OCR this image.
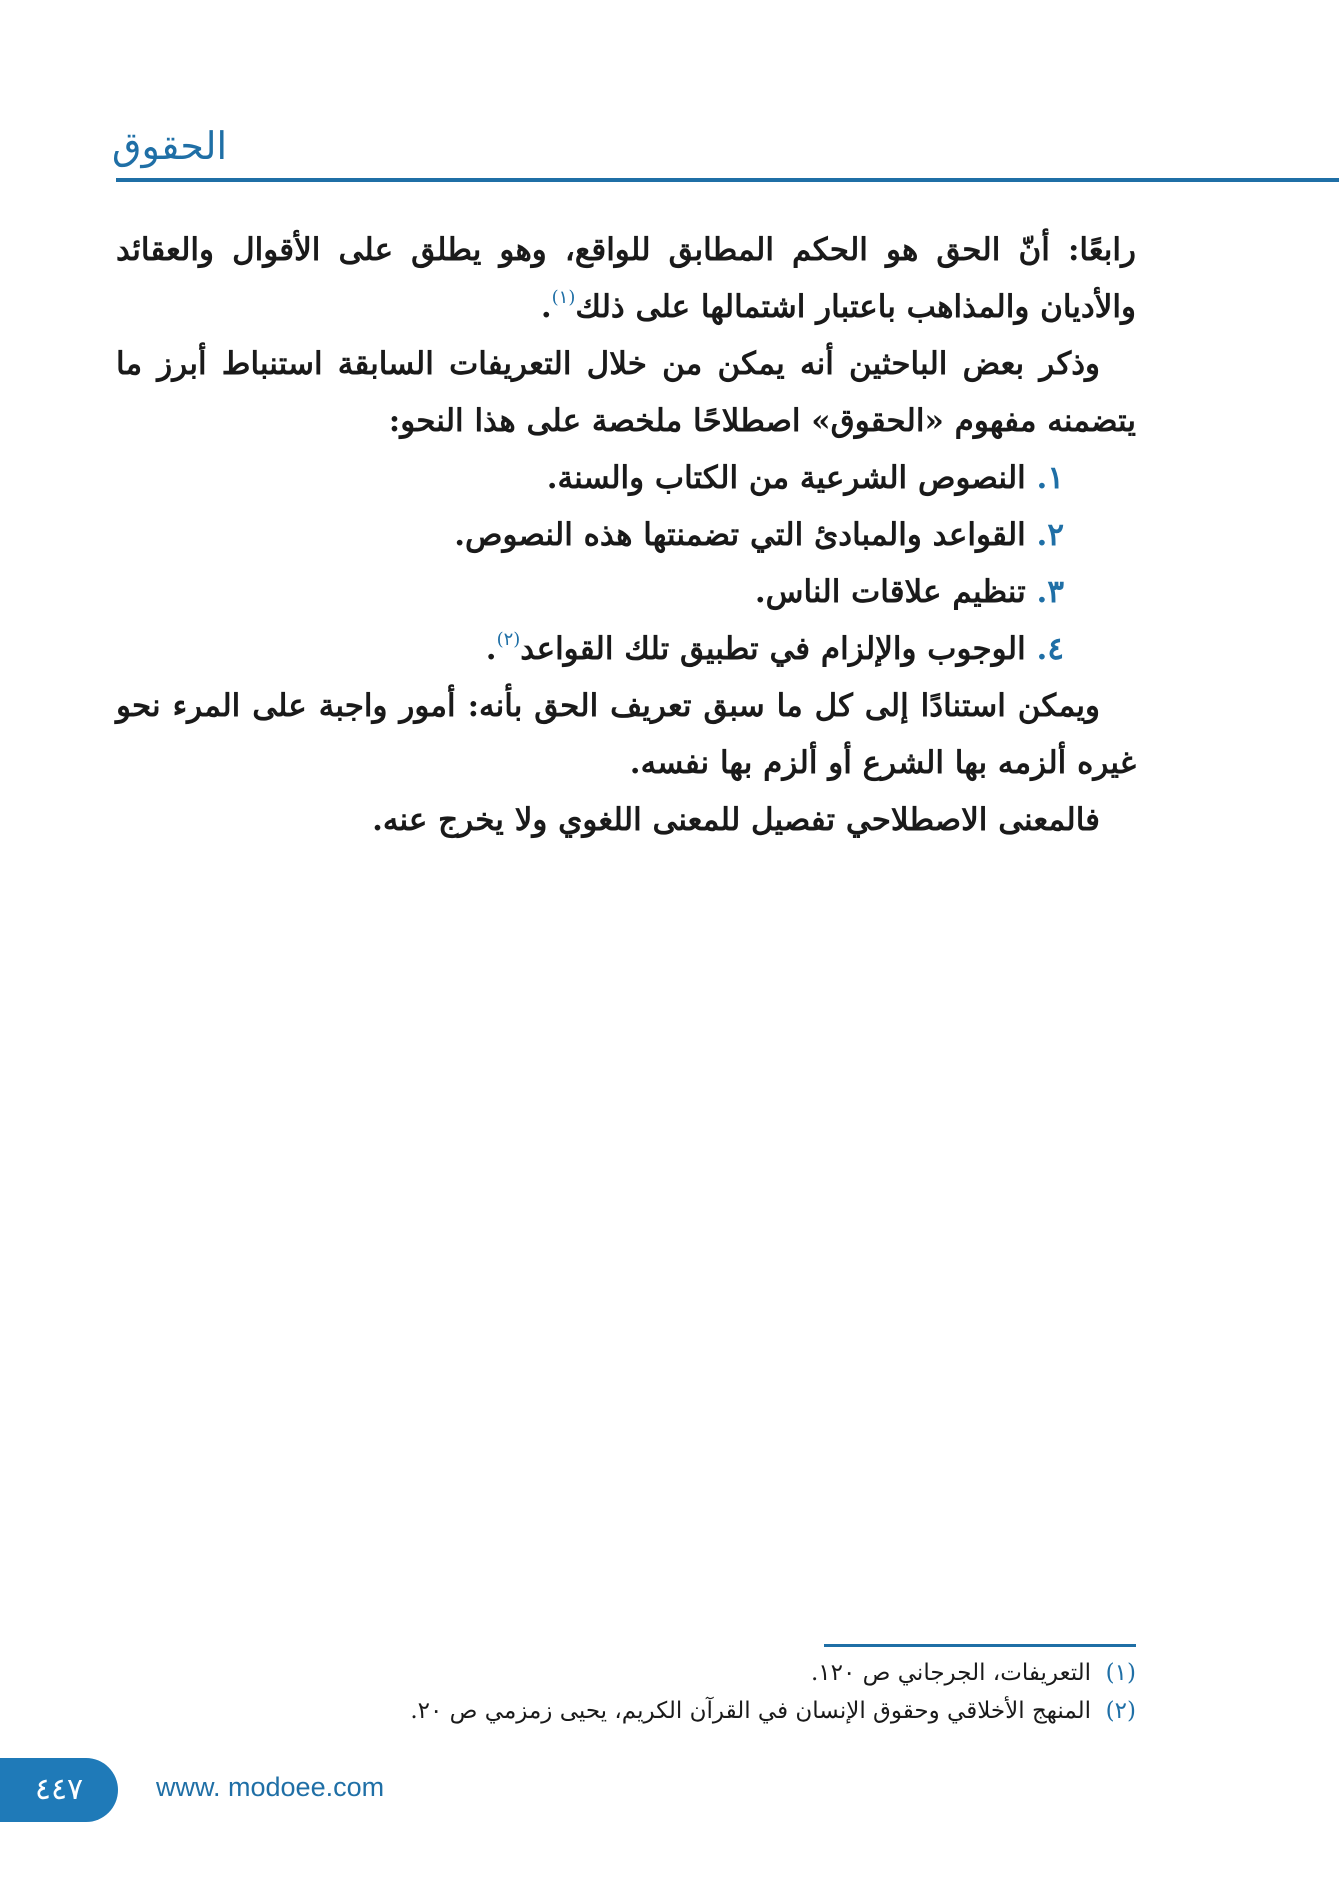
الحقوق

رابعًا: أنّ الحق هو الحكم المطابق للواقع، وهو يطلق على الأقوال والعقائد والأديان والمذاهب باعتبار اشتمالها على ذلك$^{(١)}$.

وذكر بعض الباحثين أنه يمكن من خلال التعريفات السابقة استنباط أبرز ما يتضمنه مفهوم «الحقوق» اصطلاحًا ملخصة على هذا النحو:

١. النصوص الشرعية من الكتاب والسنة.
٢. القواعد والمبادئ التي تضمنتها هذه النصوص.
٣. تنظيم علاقات الناس.
٤. الوجوب والإلزام في تطبيق تلك القواعد$^{(٢)}$.

ويمكن استنادًا إلى كل ما سبق تعريف الحق بأنه: أمور واجبة على المرء نحو غيره ألزمه بها الشرع أو ألزم بها نفسه.

فالمعنى الاصطلاحي تفصيل للمعنى اللغوي ولا يخرج عنه.

(١)  التعريفات، الجرجاني ص ١٢٠.

(٢)  المنهج الأخلاقي وحقوق الإنسان في القرآن الكريم، يحيى زمزمي ص ٢٠.

٤٤٧	www. modoee.com
